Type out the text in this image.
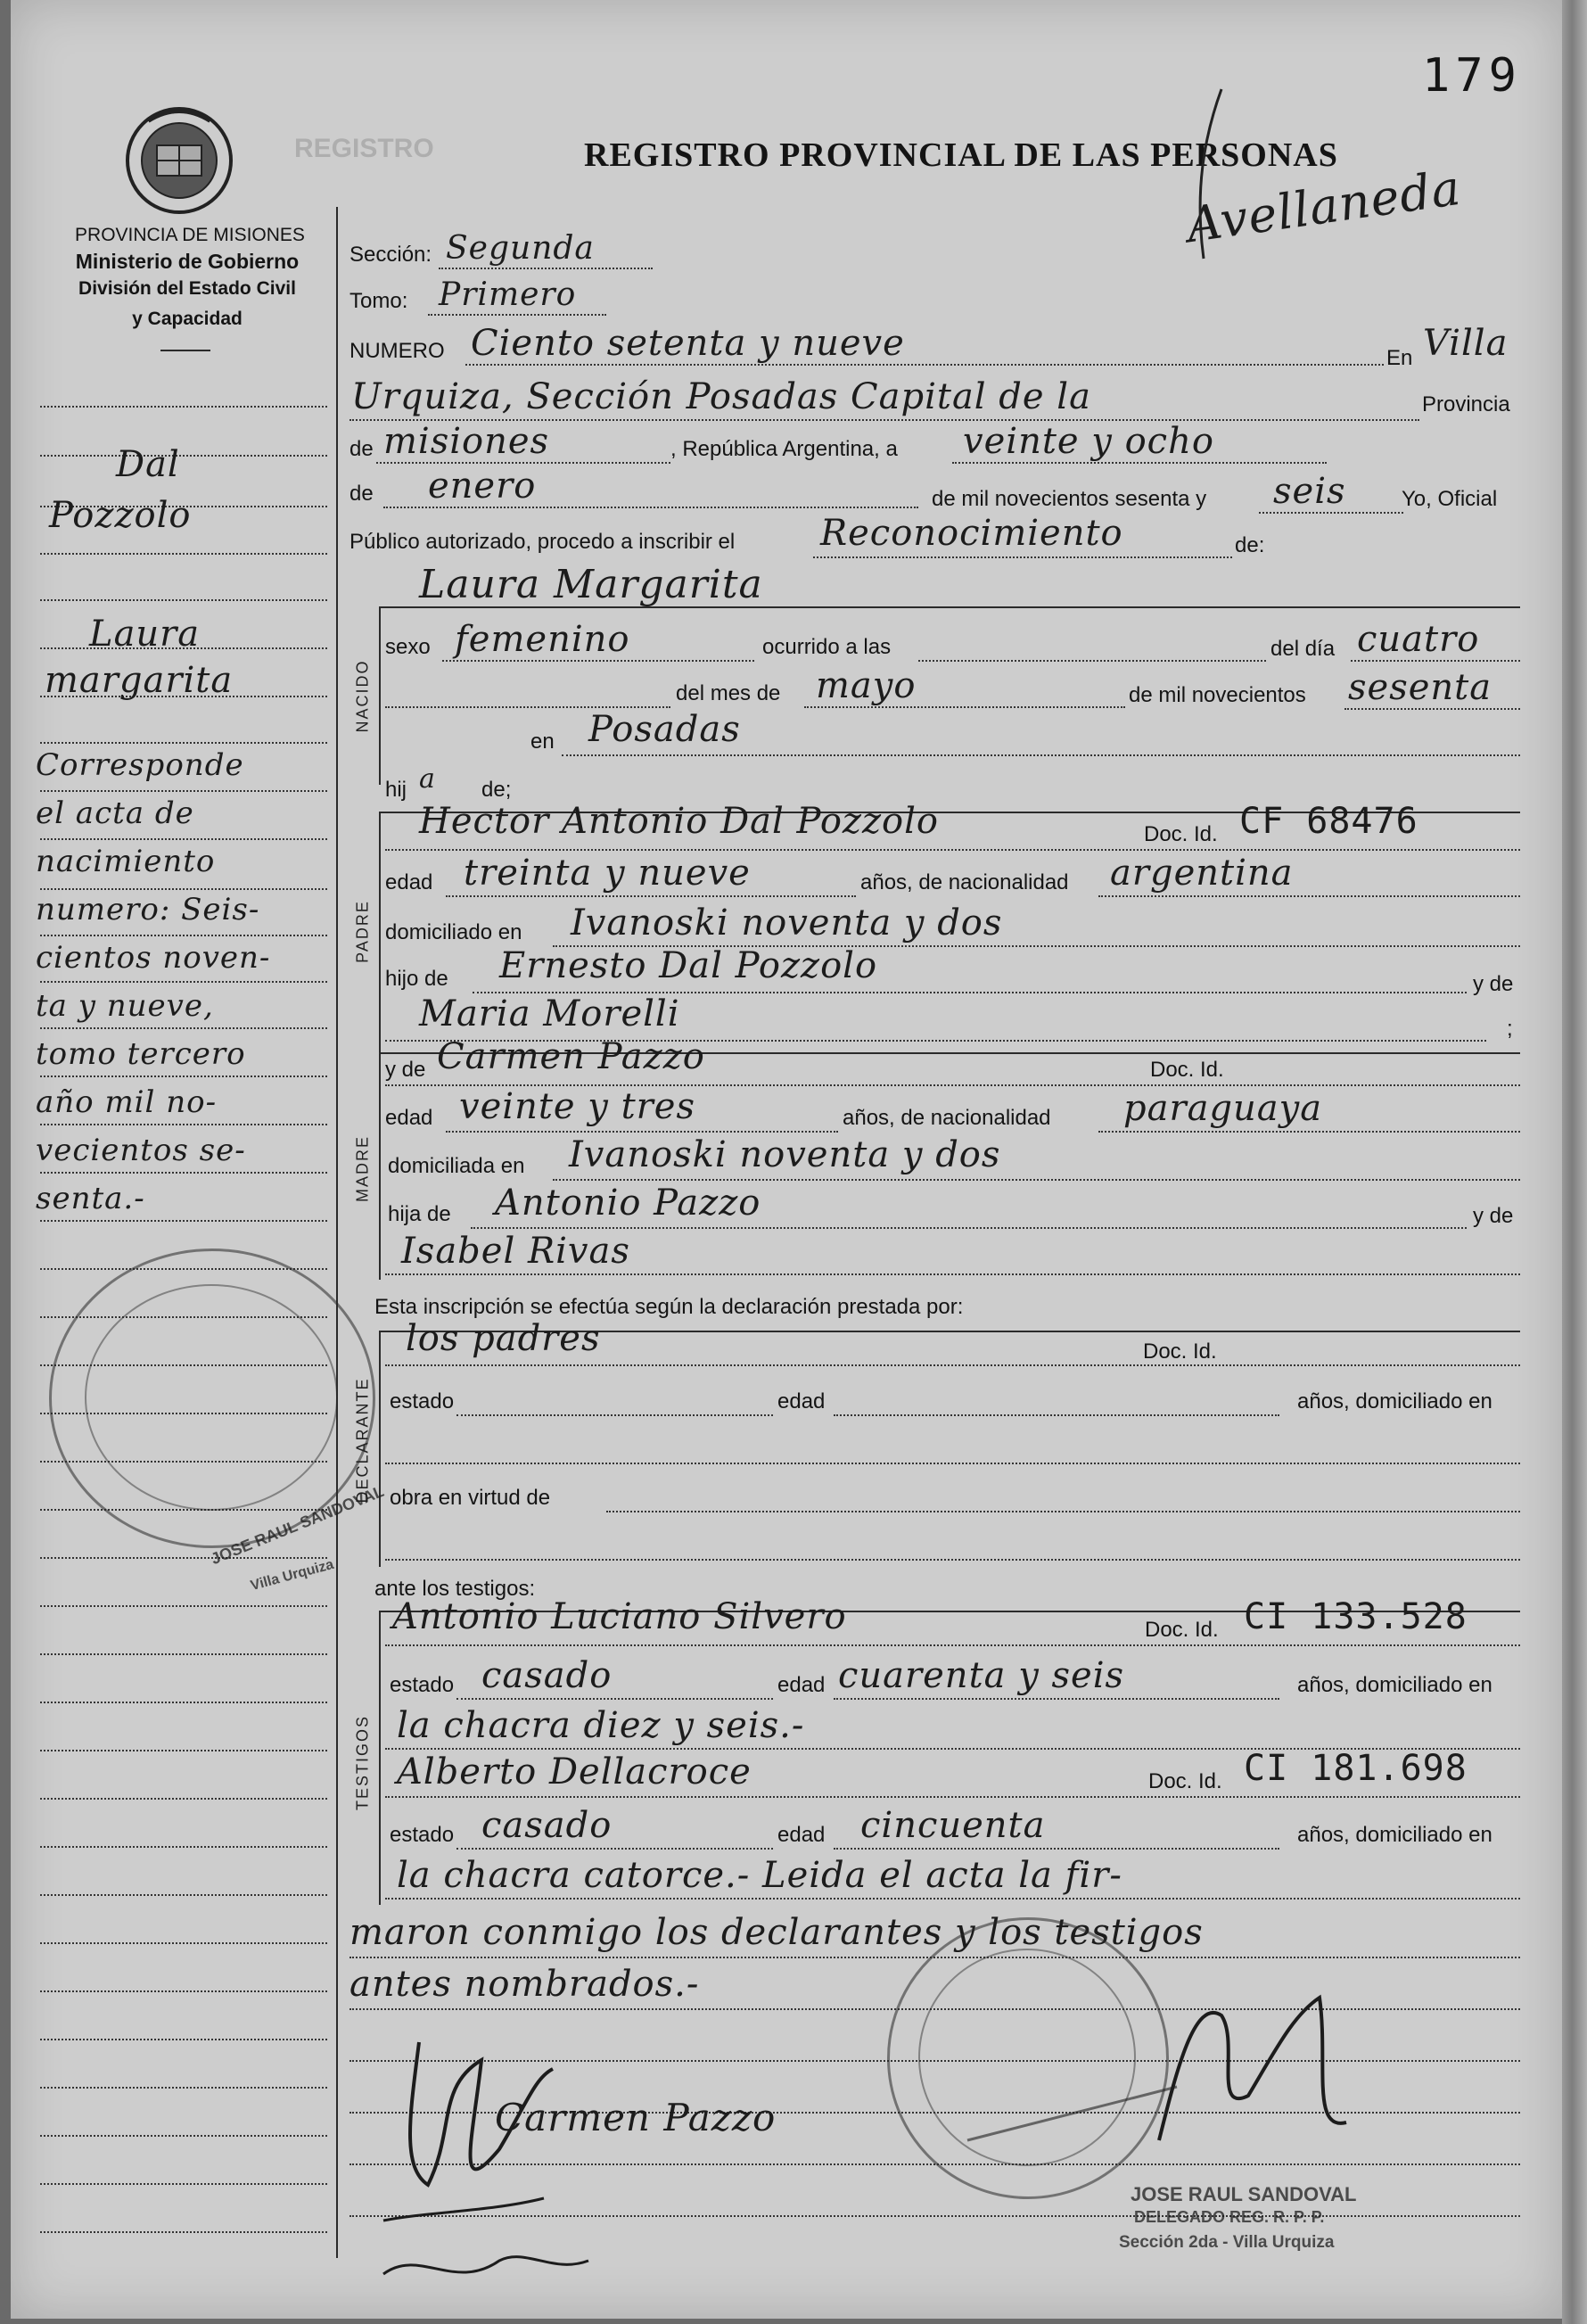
179
REGISTRO	REGISTRO PROVINCIAL DE LAS PERSONAS
Avellaneda
PROVINCIA DE MISIONES
Ministerio de Gobierno
División del Estado Civil
y Capacidad
Dal
Pozzolo
Laura
margarita
Corresponde
el acta de
nacimiento
numero: Seis-
cientos noven-
ta y nueve,
tomo tercero
año mil no-
vecientos se-
senta.-
Sección: Segunda
Tomo: Primero
NUMERO Ciento setenta y nueve	En Villa
Urquiza, Sección Posadas Capital de la	Provincia
de misiones	, República Argentina, a veinte y ocho
de enero	de mil novecientos sesenta y seis	Yo, Oficial
Público autorizado, procedo a inscribir el Reconocimiento	de:
Laura Margarita
NACIDO
sexo femenino	ocurrido a las	del día cuatro
del mes de mayo	de mil novecientos sesenta
en Posadas
hij a de;
PADRE
Hector Antonio Dal Pozzolo	Doc. Id. CF 68476
edad treinta y nueve	años, de nacionalidad argentina
domiciliado en Ivanoski noventa y dos
hijo de Ernesto Dal Pozzolo	y de
Maria Morelli	;
MADRE
y de Carmen Pazzo	Doc. Id.
edad veinte y tres	años, de nacionalidad paraguaya
domiciliada en Ivanoski noventa y dos
hija de Antonio Pazzo	y de
Isabel Rivas
Esta inscripción se efectúa según la declaración prestada por:
DECLARANTE
los padres	Doc. Id.
estado	edad	años, domiciliado en
obra en virtud de
ante los testigos:
TESTIGOS
Antonio Luciano Silvero	Doc. Id. CI 133.528
estado casado	edad cuarenta y seis	años, domiciliado en
la chacra diez y seis.-
Alberto Dellacroce	Doc. Id. CI 181.698
estado casado	edad cincuenta	años, domiciliado en
la chacra catorce.- Leida el acta la fir-
maron conmigo los declarantes y los testigos
antes nombrados.-
JOSE RAUL SANDOVAL
Villa Urquiza
JOSE RAUL SANDOVAL
DELEGADO REG. R. P. P.
Sección 2da - Villa Urquiza
Carmen Pazzo
